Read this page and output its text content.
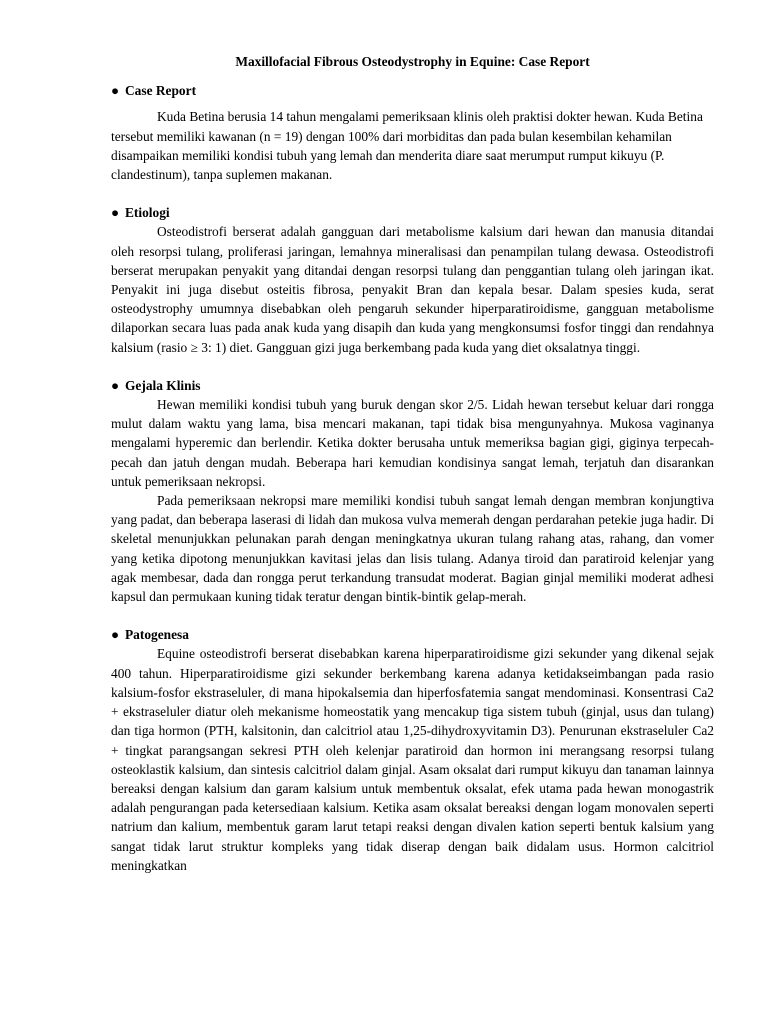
Maxillofacial Fibrous Osteodystrophy in Equine: Case Report
● Case Report

Kuda Betina berusia 14 tahun mengalami pemeriksaan klinis oleh praktisi dokter hewan. Kuda Betina tersebut memiliki kawanan (n = 19) dengan 100% dari morbiditas dan pada bulan kesembilan kehamilan disampaikan memiliki kondisi tubuh yang lemah dan menderita diare saat merumput rumput kikuyu (P. clandestinum), tanpa suplemen makanan.

● Etiologi

Osteodistrofi berserat adalah gangguan dari metabolisme kalsium dari hewan dan manusia ditandai oleh resorpsi tulang, proliferasi jaringan, lemahnya mineralisasi dan penampilan tulang dewasa. Osteodistrofi berserat merupakan penyakit yang ditandai dengan resorpsi tulang dan penggantian tulang oleh jaringan ikat. Penyakit ini juga disebut osteitis fibrosa, penyakit Bran dan kepala besar. Dalam spesies kuda, serat osteodystrophy umumnya disebabkan oleh pengaruh sekunder hiperparatiroidisme, gangguan metabolisme dilaporkan secara luas pada anak kuda yang disapih dan kuda yang mengkonsumsi fosfor tinggi dan rendahnya kalsium (rasio ≥ 3: 1) diet. Gangguan gizi juga berkembang pada kuda yang diet oksalatnya tinggi.

● Gejala Klinis

Hewan memiliki kondisi tubuh yang buruk dengan skor 2/5. Lidah hewan tersebut keluar dari rongga mulut dalam waktu yang lama, bisa mencari makanan, tapi tidak bisa mengunyahnya. Mukosa vaginanya mengalami hyperemic dan berlendir. Ketika dokter berusaha untuk memeriksa bagian gigi, giginya terpecah-pecah dan jatuh dengan mudah. Beberapa hari kemudian kondisinya sangat lemah, terjatuh dan disarankan untuk pemeriksaan nekropsi.

Pada pemeriksaan nekropsi mare memiliki kondisi tubuh sangat lemah dengan membran konjungtiva yang padat, dan beberapa laserasi di lidah dan mukosa vulva memerah dengan perdarahan petekie juga hadir. Di skeletal menunjukkan pelunakan parah dengan meningkatnya ukuran tulang rahang atas, rahang, dan vomer yang ketika dipotong menunjukkan kavitasi jelas dan lisis tulang. Adanya tiroid dan paratiroid kelenjar yang agak membesar, dada dan rongga perut terkandung transudat moderat. Bagian ginjal memiliki moderat adhesi kapsul dan permukaan kuning tidak teratur dengan bintik-bintik gelap-merah.

● Patogenesa

Equine osteodistrofi berserat disebabkan karena hiperparatiroidisme gizi sekunder yang dikenal sejak 400 tahun. Hiperparatiroidisme gizi sekunder berkembang karena adanya ketidakseimbangan pada rasio kalsium-fosfor ekstraseluler, di mana hipokalsemia dan hiperfosfatemia sangat mendominasi. Konsentrasi Ca2 + ekstraseluler diatur oleh mekanisme homeostatik yang mencakup tiga sistem tubuh (ginjal, usus dan tulang) dan tiga hormon (PTH, kalsitonin, dan calcitriol atau 1,25-dihydroxyvitamin D3). Penurunan ekstraseluler Ca2 + tingkat parangsangan sekresi PTH oleh kelenjar paratiroid dan hormon ini merangsang resorpsi tulang osteoklastik kalsium, dan sintesis calcitriol dalam ginjal. Asam oksalat dari rumput kikuyu dan tanaman lainnya bereaksi dengan kalsium dan garam kalsium untuk membentuk oksalat, efek utama pada hewan monogastrik adalah pengurangan pada ketersediaan kalsium. Ketika asam oksalat bereaksi dengan logam monovalen seperti natrium dan kalium, membentuk garam larut tetapi reaksi dengan divalen kation seperti bentuk kalsium yang sangat tidak larut struktur kompleks yang tidak diserap dengan baik didalam usus. Hormon calcitriol meningkatkan
